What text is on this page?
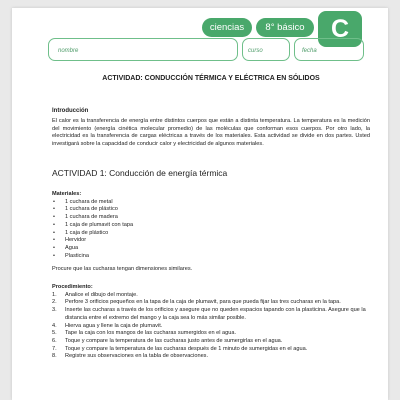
ciencias	8° básico	C
nombre	curso	fecha
ACTIVIDAD: CONDUCCIÓN TÉRMICA Y ELÉCTRICA EN SÓLIDOS
Introducción
El calor es la transferencia de energía entre distintos cuerpos que están a distinta temperatura. La temperatura es la medición del movimiento (energía cinética molecular promedio) de las moléculas que conforman esos cuerpos. Por otro lado, la electricidad es la transferencia de cargas eléctricas a través de los materiales. Esta actividad se divide en dos partes. Usted investigará sobre la capacidad de conducir calor y electricidad de algunos materiales.
ACTIVIDAD 1: Conducción de energía térmica
Materiales:
• 1 cuchara de metal
• 1 cuchara de plástico
• 1 cuchara de madera
• 1 caja de plumavit con tapa
• 1 caja de plástico
• Hervidor
• Agua
• Plasticina
Procure que las cucharas tengan dimensiones similares.
Procedimiento:
1. Analice el dibujo del montaje.
2. Perfore 3 orificios pequeños en la tapa de la caja de plumavit, para que pueda fijar las tres cucharas en la tapa.
3. Inserte las cucharas a través de los orificios y asegure que no queden espacios tapando con la plasticina. Asegure que la distancia entre el extremo del mango y la caja sea lo más similar posible.
4. Hierva agua y llene la caja de plumavit.
5. Tape la caja con los mangos de las cucharas sumergidos en el agua.
6. Toque y compare la temperatura de las cucharas justo antes de sumergirlas en el agua.
7. Toque y compare la temperatura de las cucharas después de 1 minuto de sumergidas en el agua.
8. Registre sus observaciones en la tabla de observaciones.
